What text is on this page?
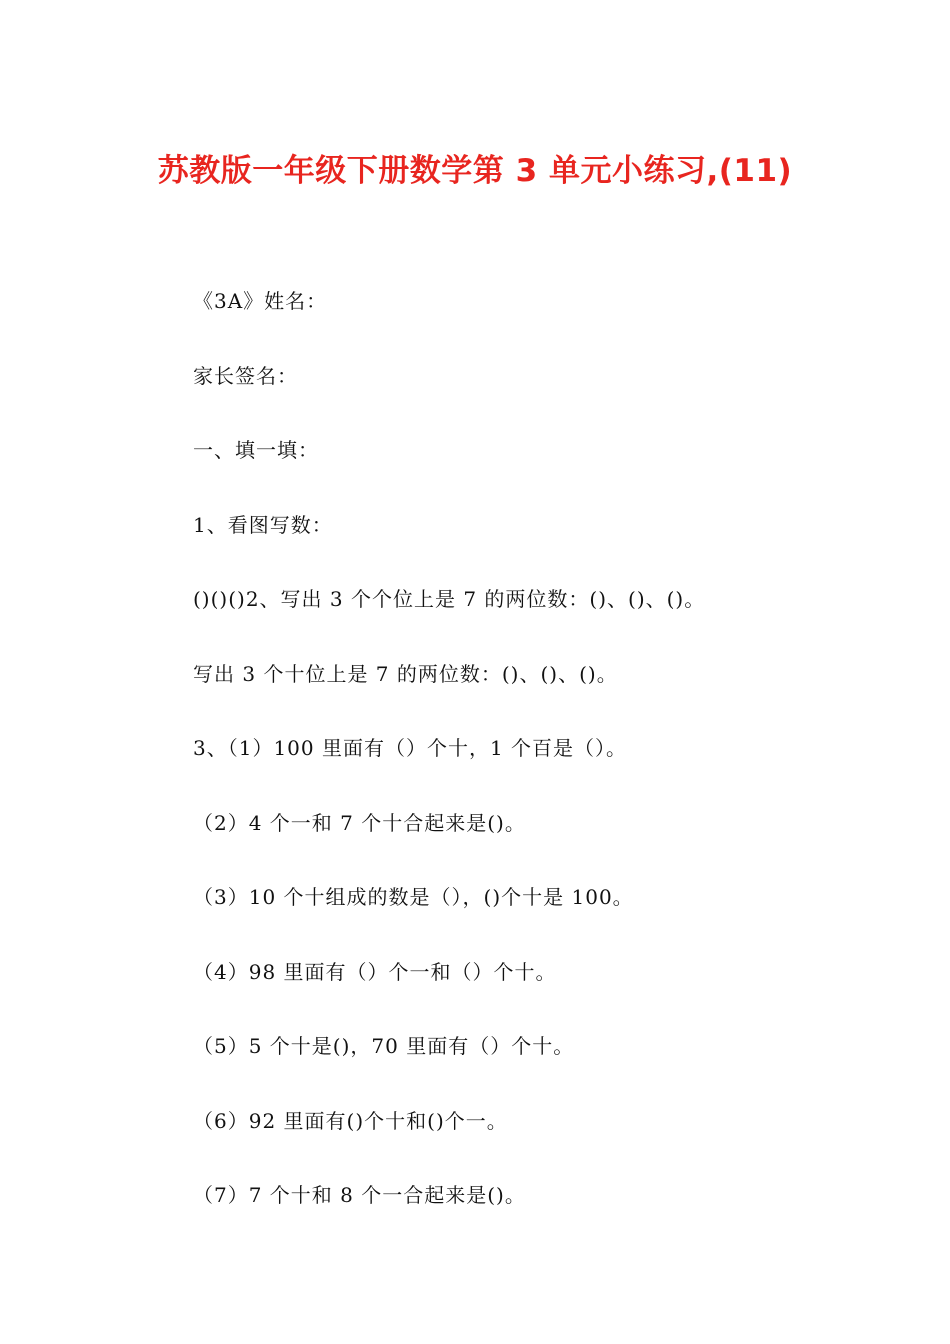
苏教版一年级下册数学第 3 单元小练习,(11)
《3A》姓名：
家长签名：
一、填一填：
1、看图写数：
()()()2、写出 3 个个位上是 7 的两位数：()、()、()。
写出 3 个十位上是 7 的两位数：()、()、()。
3、（1）100 里面有（）个十，1 个百是（）。
（2）4 个一和 7 个十合起来是()。
（3）10 个十组成的数是（），()个十是 100。
（4）98 里面有（）个一和（）个十。
（5）5 个十是()，70 里面有（）个十。
（6）92 里面有()个十和()个一。
（7）7 个十和 8 个一合起来是()。
